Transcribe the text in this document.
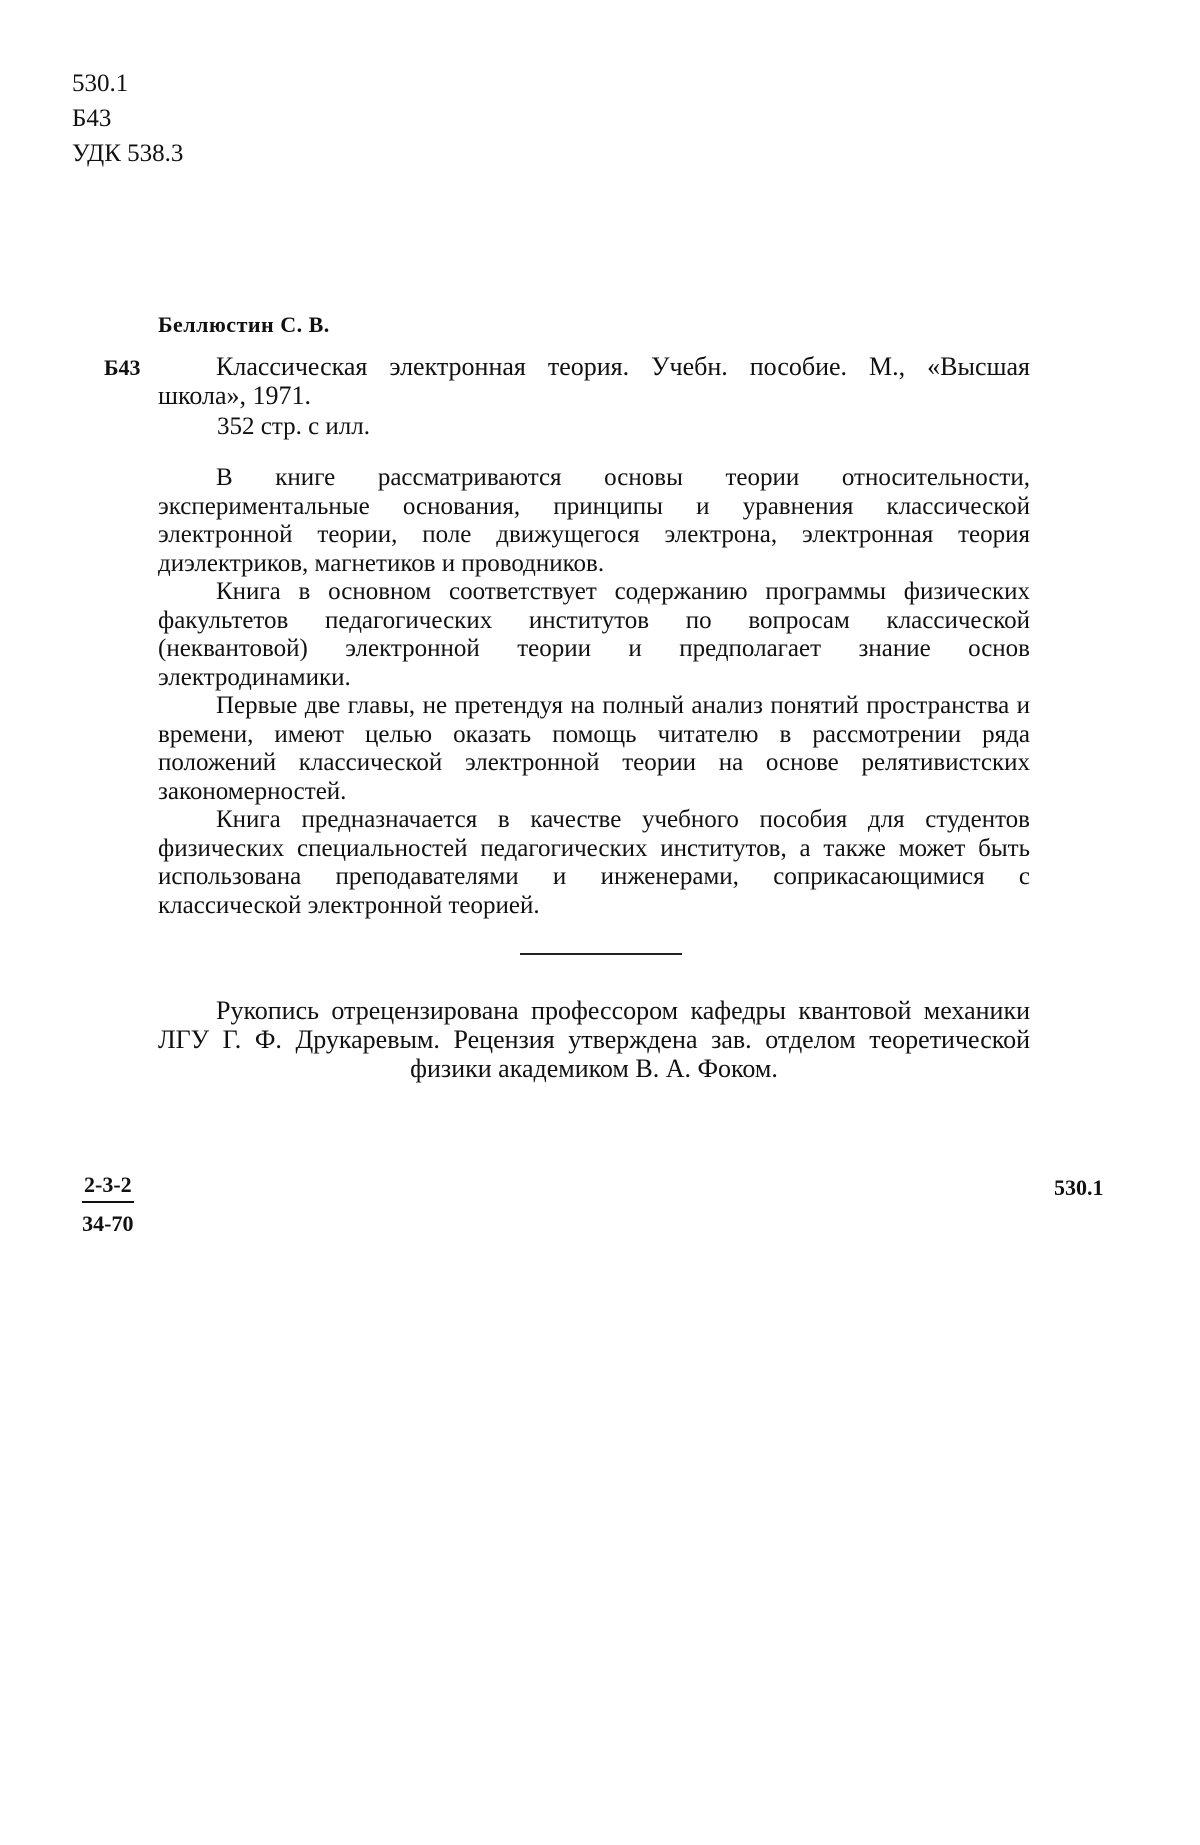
530.1
Б43
УДК 538.3
Беллюстин С. В.
Б43	Классическая электронная теория. Учебн. пособие. М., «Высшая школа», 1971.

352 стр. с илл.

В книге рассматриваются основы теории относительности, экспериментальные основания, принципы и уравнения классической электронной теории, поле движущегося электрона, электронная теория диэлектриков, магнетиков и проводников.

Книга в основном соответствует содержанию программы физических факультетов педагогических институтов по вопросам классической (неквантовой) электронной теории и предполагает знание основ электродинамики.

Первые две главы, не претендуя на полный анализ понятий пространства и времени, имеют целью оказать помощь читателю в рассмотрении ряда положений классической электронной теории на основе релятивистских закономерностей.

Книга предназначается в качестве учебного пособия для студентов физических специальностей педагогических институтов, а также может быть использована преподавателями и инженерами, соприкасающимися с классической электронной теорией.

Рукопись отрецензирована профессором кафедры квантовой механики ЛГУ Г. Ф. Друкаревым. Рецензия утверждена зав. отделом теоретической физики академиком В. А. Фоком.

$\frac{2-3-2}{34-70}$	530.1
